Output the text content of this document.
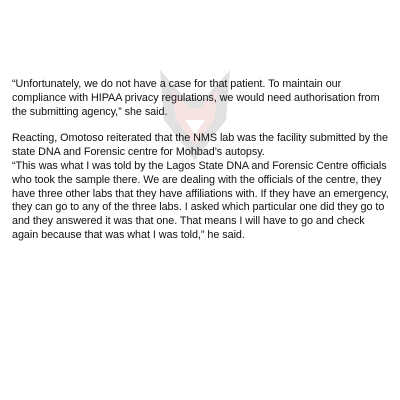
“Unfortunately, we do not have a case for that patient. To maintain our compliance with HIPAA privacy regulations, we would need authorisation from the submitting agency,” she said.

Reacting, Omotoso reiterated that the NMS lab was the facility submitted by the state DNA and Forensic centre for Mohbad’s autopsy.

“This was what I was told by the Lagos State DNA and Forensic Centre officials who took the sample there. We are dealing with the officials of the centre, they have three other labs that they have affiliations with. If they have an emergency, they can go to any of the three labs. I asked which particular one did they go to and they answered it was that one. That means I will have to go and check again because that was what I was told,” he said.
